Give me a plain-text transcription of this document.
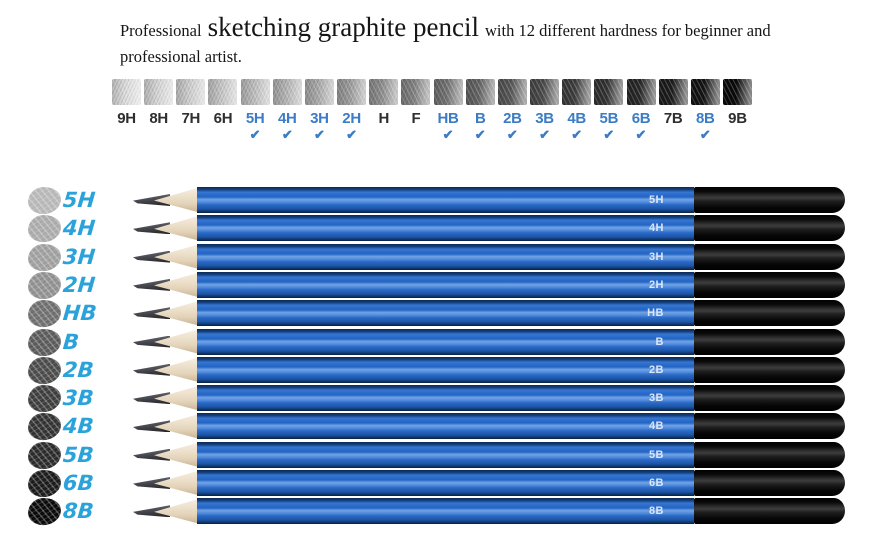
Professional sketching graphite pencil with 12 different hardness for beginner and
professional artist.
9H 8H 7H 6H 5H
✔
4H
✔
3H
✔
2H
✔
H F HB
✔
B
✔
2B
✔
3B
✔
4B
✔
5B
✔
6B
✔
7B 8B
✔
9B
5H	5H
4H	4H
3H	3H
2H	2H
HB	HB
B	B
2B	2B
3B	3B
4B	4B
5B	5B
6B	6B
8B	8B
